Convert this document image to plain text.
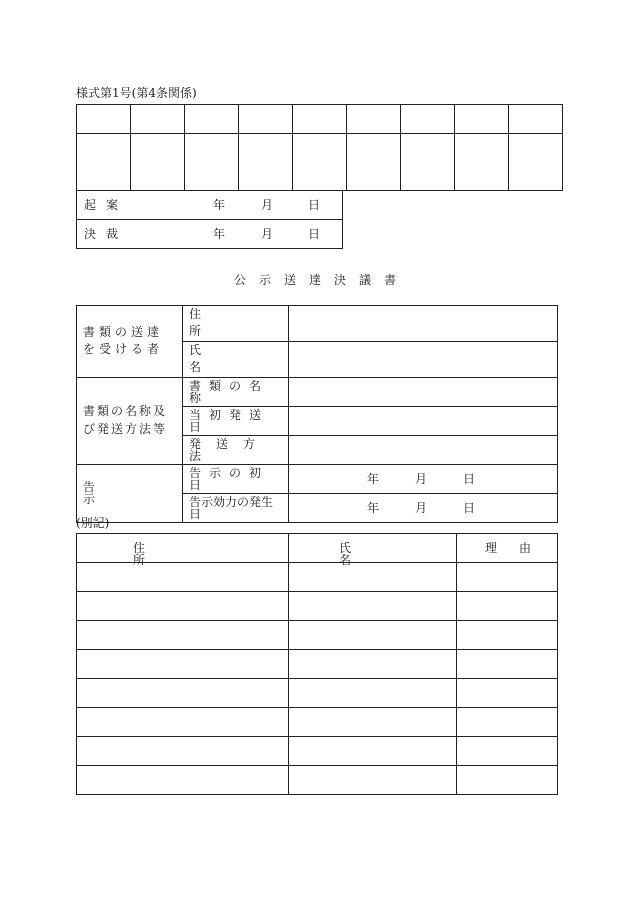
様式第1号(第4条関係)

起案	年	月	日

決裁	年	月	日
公示送達決議書
書類の送達を受ける者	住所	

	氏名	

書類の名称及び発送方法等	書類の名称	
	当初発送日	
	発送方法	
告示	告示の初日	年 月 日

	告示効力の発生日	年 月 日
(別記)
住所	氏名	理由
